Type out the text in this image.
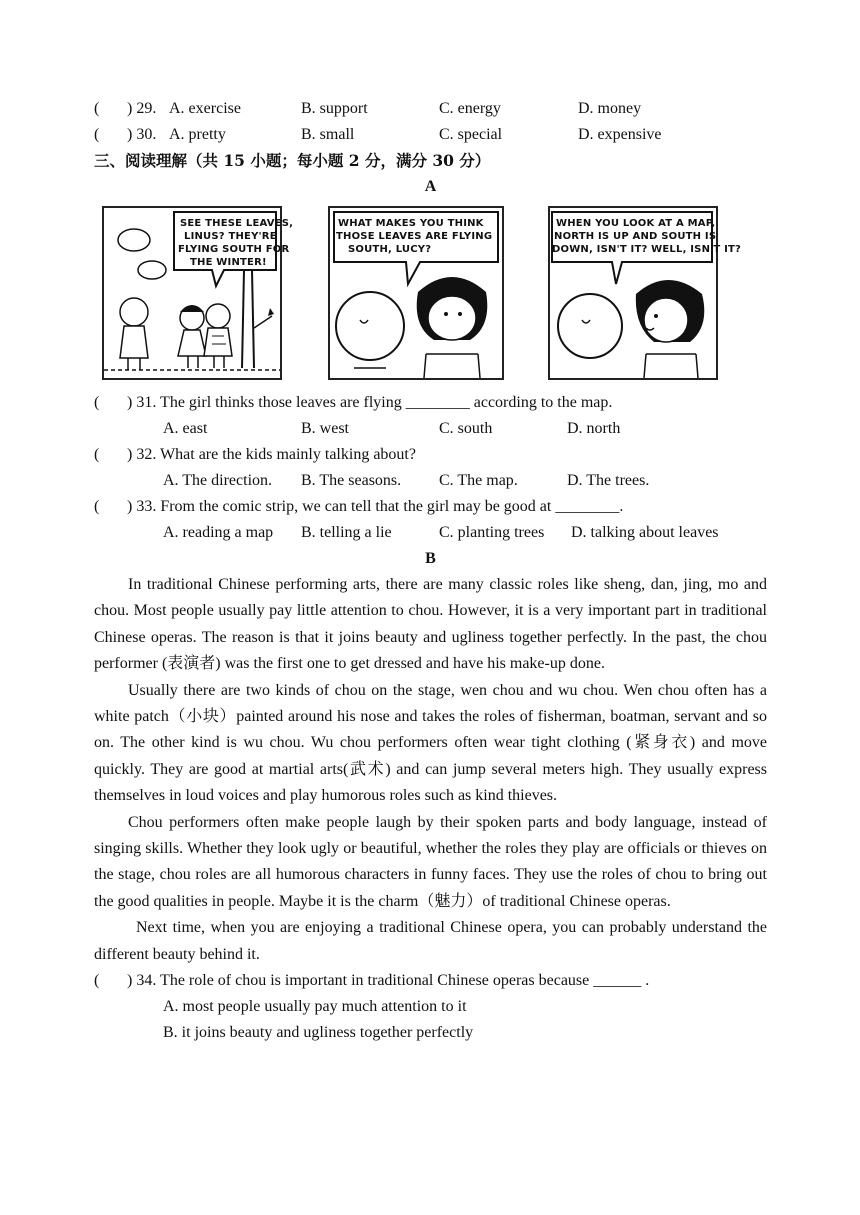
( ) 29. A. exercise	B. support	C. energy	D. money
( ) 30. A. pretty	B. small	C. special	D. expensive
三、阅读理解（共 15 小题；每小题 2 分，满分 30 分）
A
SEE THESE LEAVES,
LINUS? THEY'RE
FLYING SOUTH FOR
THE WINTER!
WHAT MAKES YOU THINK
THOSE LEAVES ARE FLYING
SOUTH, LUCY?
WHEN YOU LOOK AT A MAP,
NORTH IS UP AND SOUTH IS
DOWN, ISN'T IT? WELL, ISN'T IT?
( ) 31. The girl thinks those leaves are flying ________ according to the map.
A. east	B. west	C. south	D. north
( ) 32. What are the kids mainly talking about?
A. The direction. B. The seasons. C. The map.	D. The trees.
( ) 33. From the comic strip, we can tell that the girl may be good at ________.
A. reading a map B. telling a lie	C. planting trees D. talking about leaves
B

In traditional Chinese performing arts, there are many classic roles like sheng, dan, jing, mo and chou. Most people usually pay little attention to chou. However, it is a very important part in traditional Chinese operas. The reason is that it joins beauty and ugliness together perfectly. In the past, the chou performer (表演者) was the first one to get dressed and have his make-up done.

Usually there are two kinds of chou on the stage, wen chou and wu chou. Wen chou often has a white patch（小块）painted around his nose and takes the roles of fisherman, boatman, servant and so on. The other kind is wu chou. Wu chou performers often wear tight clothing (紧身衣) and move quickly. They are good at martial arts(武术) and can jump several meters high. They usually express themselves in loud voices and play humorous roles such as kind thieves.

Chou performers often make people laugh by their spoken parts and body language, instead of singing skills. Whether they look ugly or beautiful, whether the roles they play are officials or thieves on the stage, chou roles are all humorous characters in funny faces. They use the roles of chou to bring out the good qualities in people. Maybe it is the charm（魅力）of traditional Chinese operas.

Next time, when you are enjoying a traditional Chinese opera, you can probably understand the different beauty behind it.

( ) 34. The role of chou is important in traditional Chinese operas because ______ .
A. most people usually pay much attention to it
B. it joins beauty and ugliness together perfectly
